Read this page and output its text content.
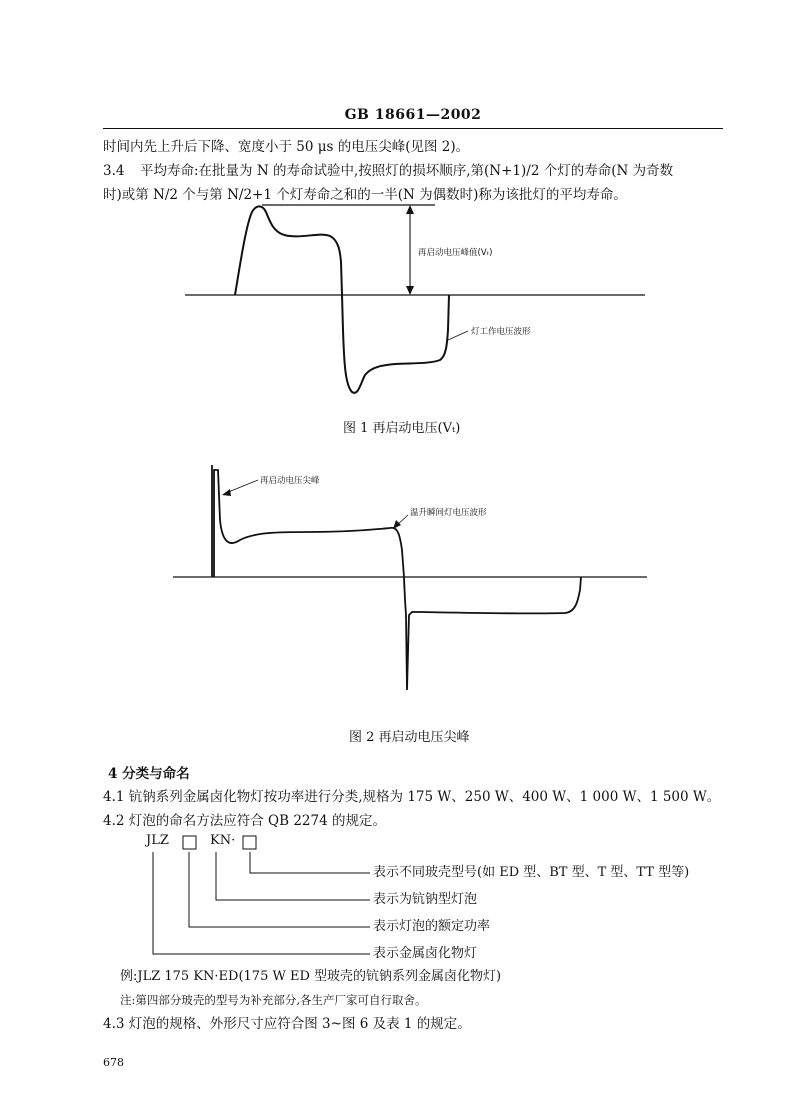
GB 18661—2002
时间内先上升后下降、宽度小于 50 μs 的电压尖峰(见图 2)。
3.4 平均寿命:在批量为 N 的寿命试验中,按照灯的损坏顺序,第(N+1)/2 个灯的寿命(N 为奇数
时)或第 N/2 个与第 N/2+1 个灯寿命之和的一半(N 为偶数时)称为该批灯的平均寿命。
再启动电压峰值(Vₜ)
灯工作电压波形
图 1 再启动电压(Vₜ)
再启动电压尖峰
温升瞬间灯电压波形
图 2 再启动电压尖峰
4 分类与命名
4.1 钪钠系列金属卤化物灯按功率进行分类,规格为 175 W、250 W、400 W、1 000 W、1 500 W。
4.2 灯泡的命名方法应符合 QB 2274 的规定。
JLZ	KN·
表示不同玻壳型号(如 ED 型、BT 型、T 型、TT 型等)
表示为钪钠型灯泡
表示灯泡的额定功率
表示金属卤化物灯
例:JLZ 175 KN·ED(175 W ED 型玻壳的钪钠系列金属卤化物灯)
注:第四部分玻壳的型号为补充部分,各生产厂家可自行取舍。
4.3 灯泡的规格、外形尺寸应符合图 3~图 6 及表 1 的规定。
678
